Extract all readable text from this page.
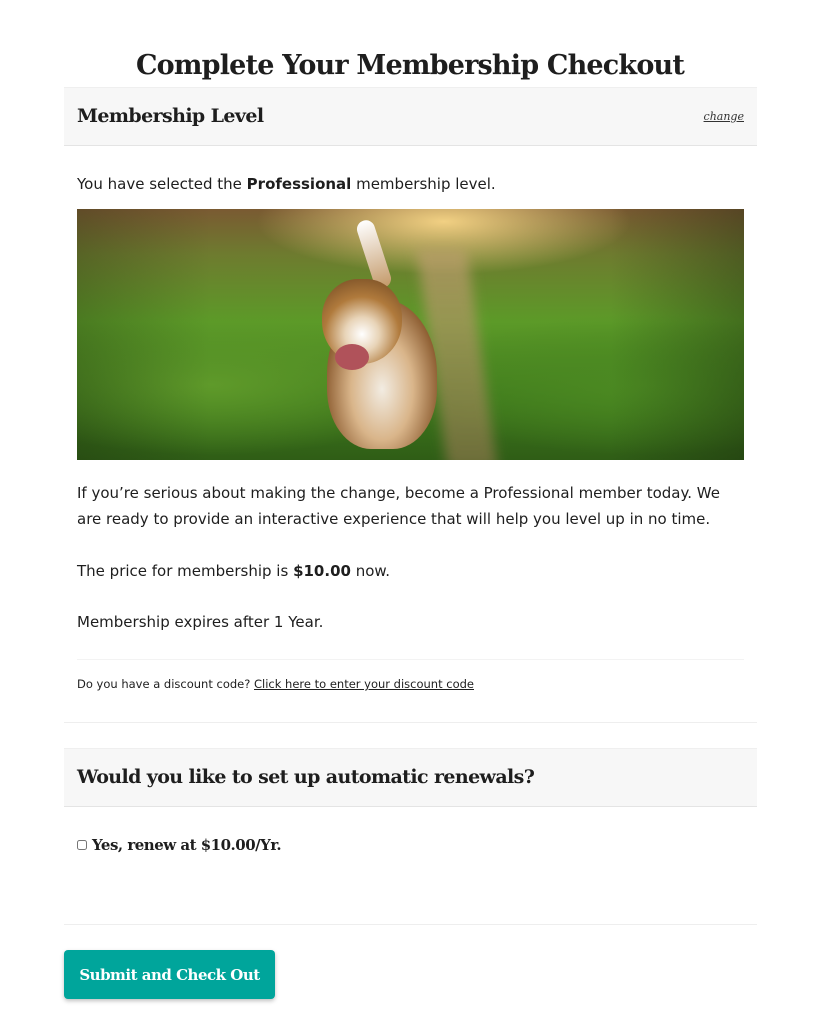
Complete Your Membership Checkout
Membership Level	change

You have selected the Professional membership level.

If you’re serious about making the change, become a Professional member today. We are ready to provide an interactive experience that will help you level up in no time.

The price for membership is $10.00 now.

Membership expires after 1 Year.

Do you have a discount code? Click here to enter your discount code
Would you like to set up automatic renewals?
Yes, renew at $10.00/Yr.
Submit and Check Out
